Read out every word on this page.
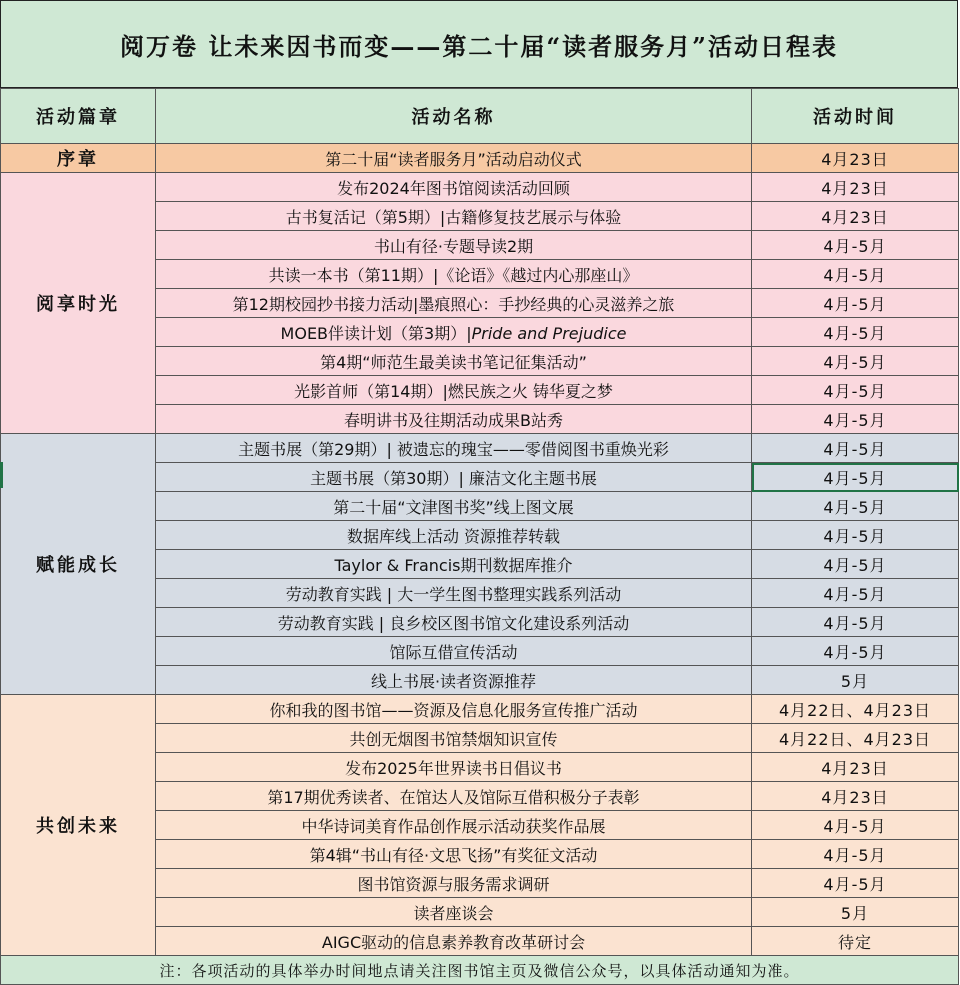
阅万卷 让未来因书而变——第二十届“读者服务月”活动日程表
活动篇章	活动名称	活动时间
序章	第二十届“读者服务月”活动启动仪式	4月23日
阅享时光	发布2024年图书馆阅读活动回顾	4月23日
	古书复活记（第5期）|古籍修复技艺展示与体验	4月23日
	书山有径·专题导读2期	4月-5月
	共读一本书（第11期）|《论语》《越过内心那座山》	4月-5月
	第12期校园抄书接力活动|墨痕照心：手抄经典的心灵滋养之旅	4月-5月
	MOEB伴读计划（第3期）|Pride and Prejudice	4月-5月
	第4期“师范生最美读书笔记征集活动”	4月-5月
	光影首师（第14期）|燃民族之火 铸华夏之梦	4月-5月
	春明讲书及往期活动成果B站秀	4月-5月
赋能成长	主题书展（第29期）| 被遗忘的瑰宝——零借阅图书重焕光彩	4月-5月
	主题书展（第30期）| 廉洁文化主题书展	4月-5月
	第二十届“文津图书奖”线上图文展	4月-5月
	数据库线上活动 资源推荐转载	4月-5月
	Taylor & Francis期刊数据库推介	4月-5月
	劳动教育实践 | 大一学生图书整理实践系列活动	4月-5月
	劳动教育实践 | 良乡校区图书馆文化建设系列活动	4月-5月
	馆际互借宣传活动	4月-5月
	线上书展·读者资源推荐	5月
共创未来	你和我的图书馆——资源及信息化服务宣传推广活动	4月22日、4月23日
	共创无烟图书馆禁烟知识宣传	4月22日、4月23日
	发布2025年世界读书日倡议书	4月23日
	第17期优秀读者、在馆达人及馆际互借积极分子表彰	4月23日
	中华诗词美育作品创作展示活动获奖作品展	4月-5月
	第4辑“书山有径·文思飞扬”有奖征文活动	4月-5月
	图书馆资源与服务需求调研	4月-5月
	读者座谈会	5月
	AIGC驱动的信息素养教育改革研讨会	待定
注：各项活动的具体举办时间地点请关注图书馆主页及微信公众号，以具体活动通知为准。		
